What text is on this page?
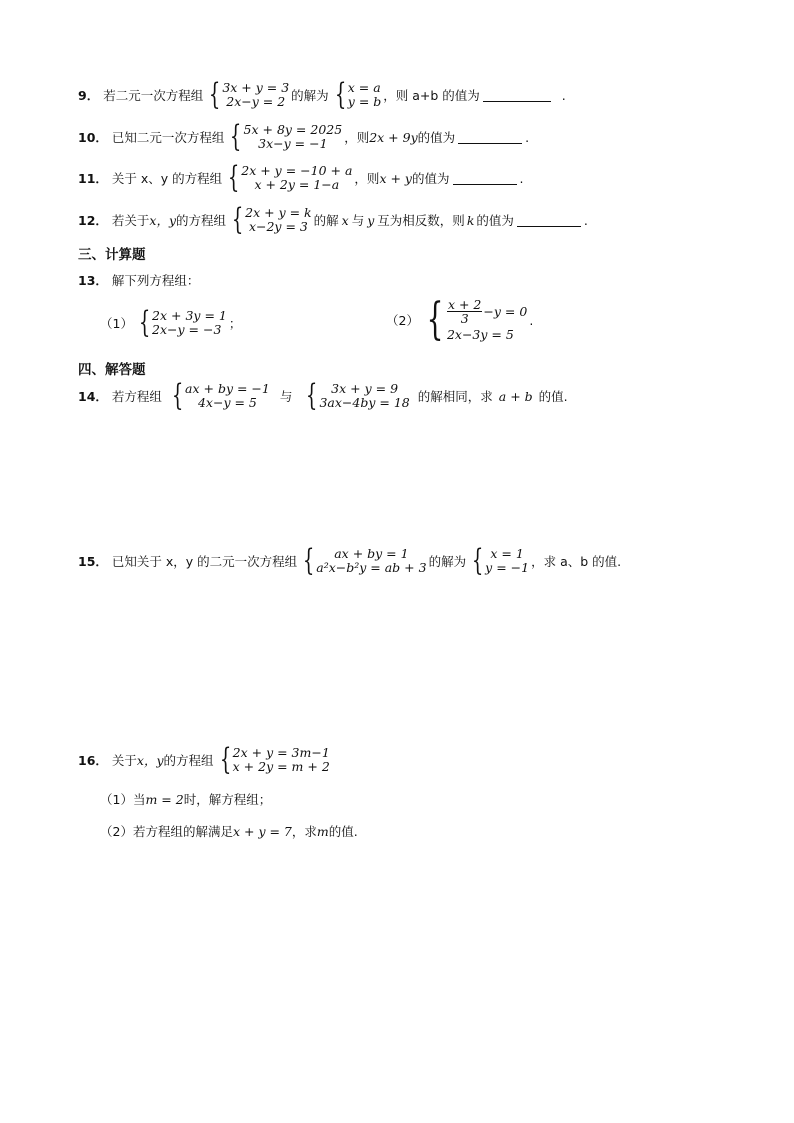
9． 若二元一次方程组 { 3x + y = 3
2x−y = 2 的解为 { x = a
y = b ，则 a+b 的值为	.
10． 已知二元一次方程组 { 5x + 8y = 2025
3x−y = −1	，则 2x + 9y 的值为	.
11． 关于 x、y 的方程组 { 2x + y = −10 + a
x + 2y = 1−a	，则 x + y 的值为	.
12． 若关于 x，y 的方程组 { 2x + y = k
x−2y = 3 的解 x 与 y 互为相反数，则 k 的值为	.
三、计算题
13． 解下列方程组：
（1） { 2x + 3y = 1
2x−y = −3 ；	（2） { $\frac{x + 2}{3} -y = 0$
2x−3y = 5
.
四、解答题
14． 若方程组 { ax + by = −1
4x−y = 5	与 {	3x + y = 9
3ax−4by = 18 的解相同，求 a + b 的值.
15． 已知关于 x，y 的二元一次方程组 {	ax + by = 1
a²x−b²y = ab + 3 的解为 { x = 1
y = −1 ，求 a、b 的值.
16． 关于 x，y 的方程组 { 2x + y = 3m−1
x + 2y = m + 2
（1）当 m = 2 时，解方程组；
（2）若方程组的解满足 x + y = 7 ，求 m 的值.
